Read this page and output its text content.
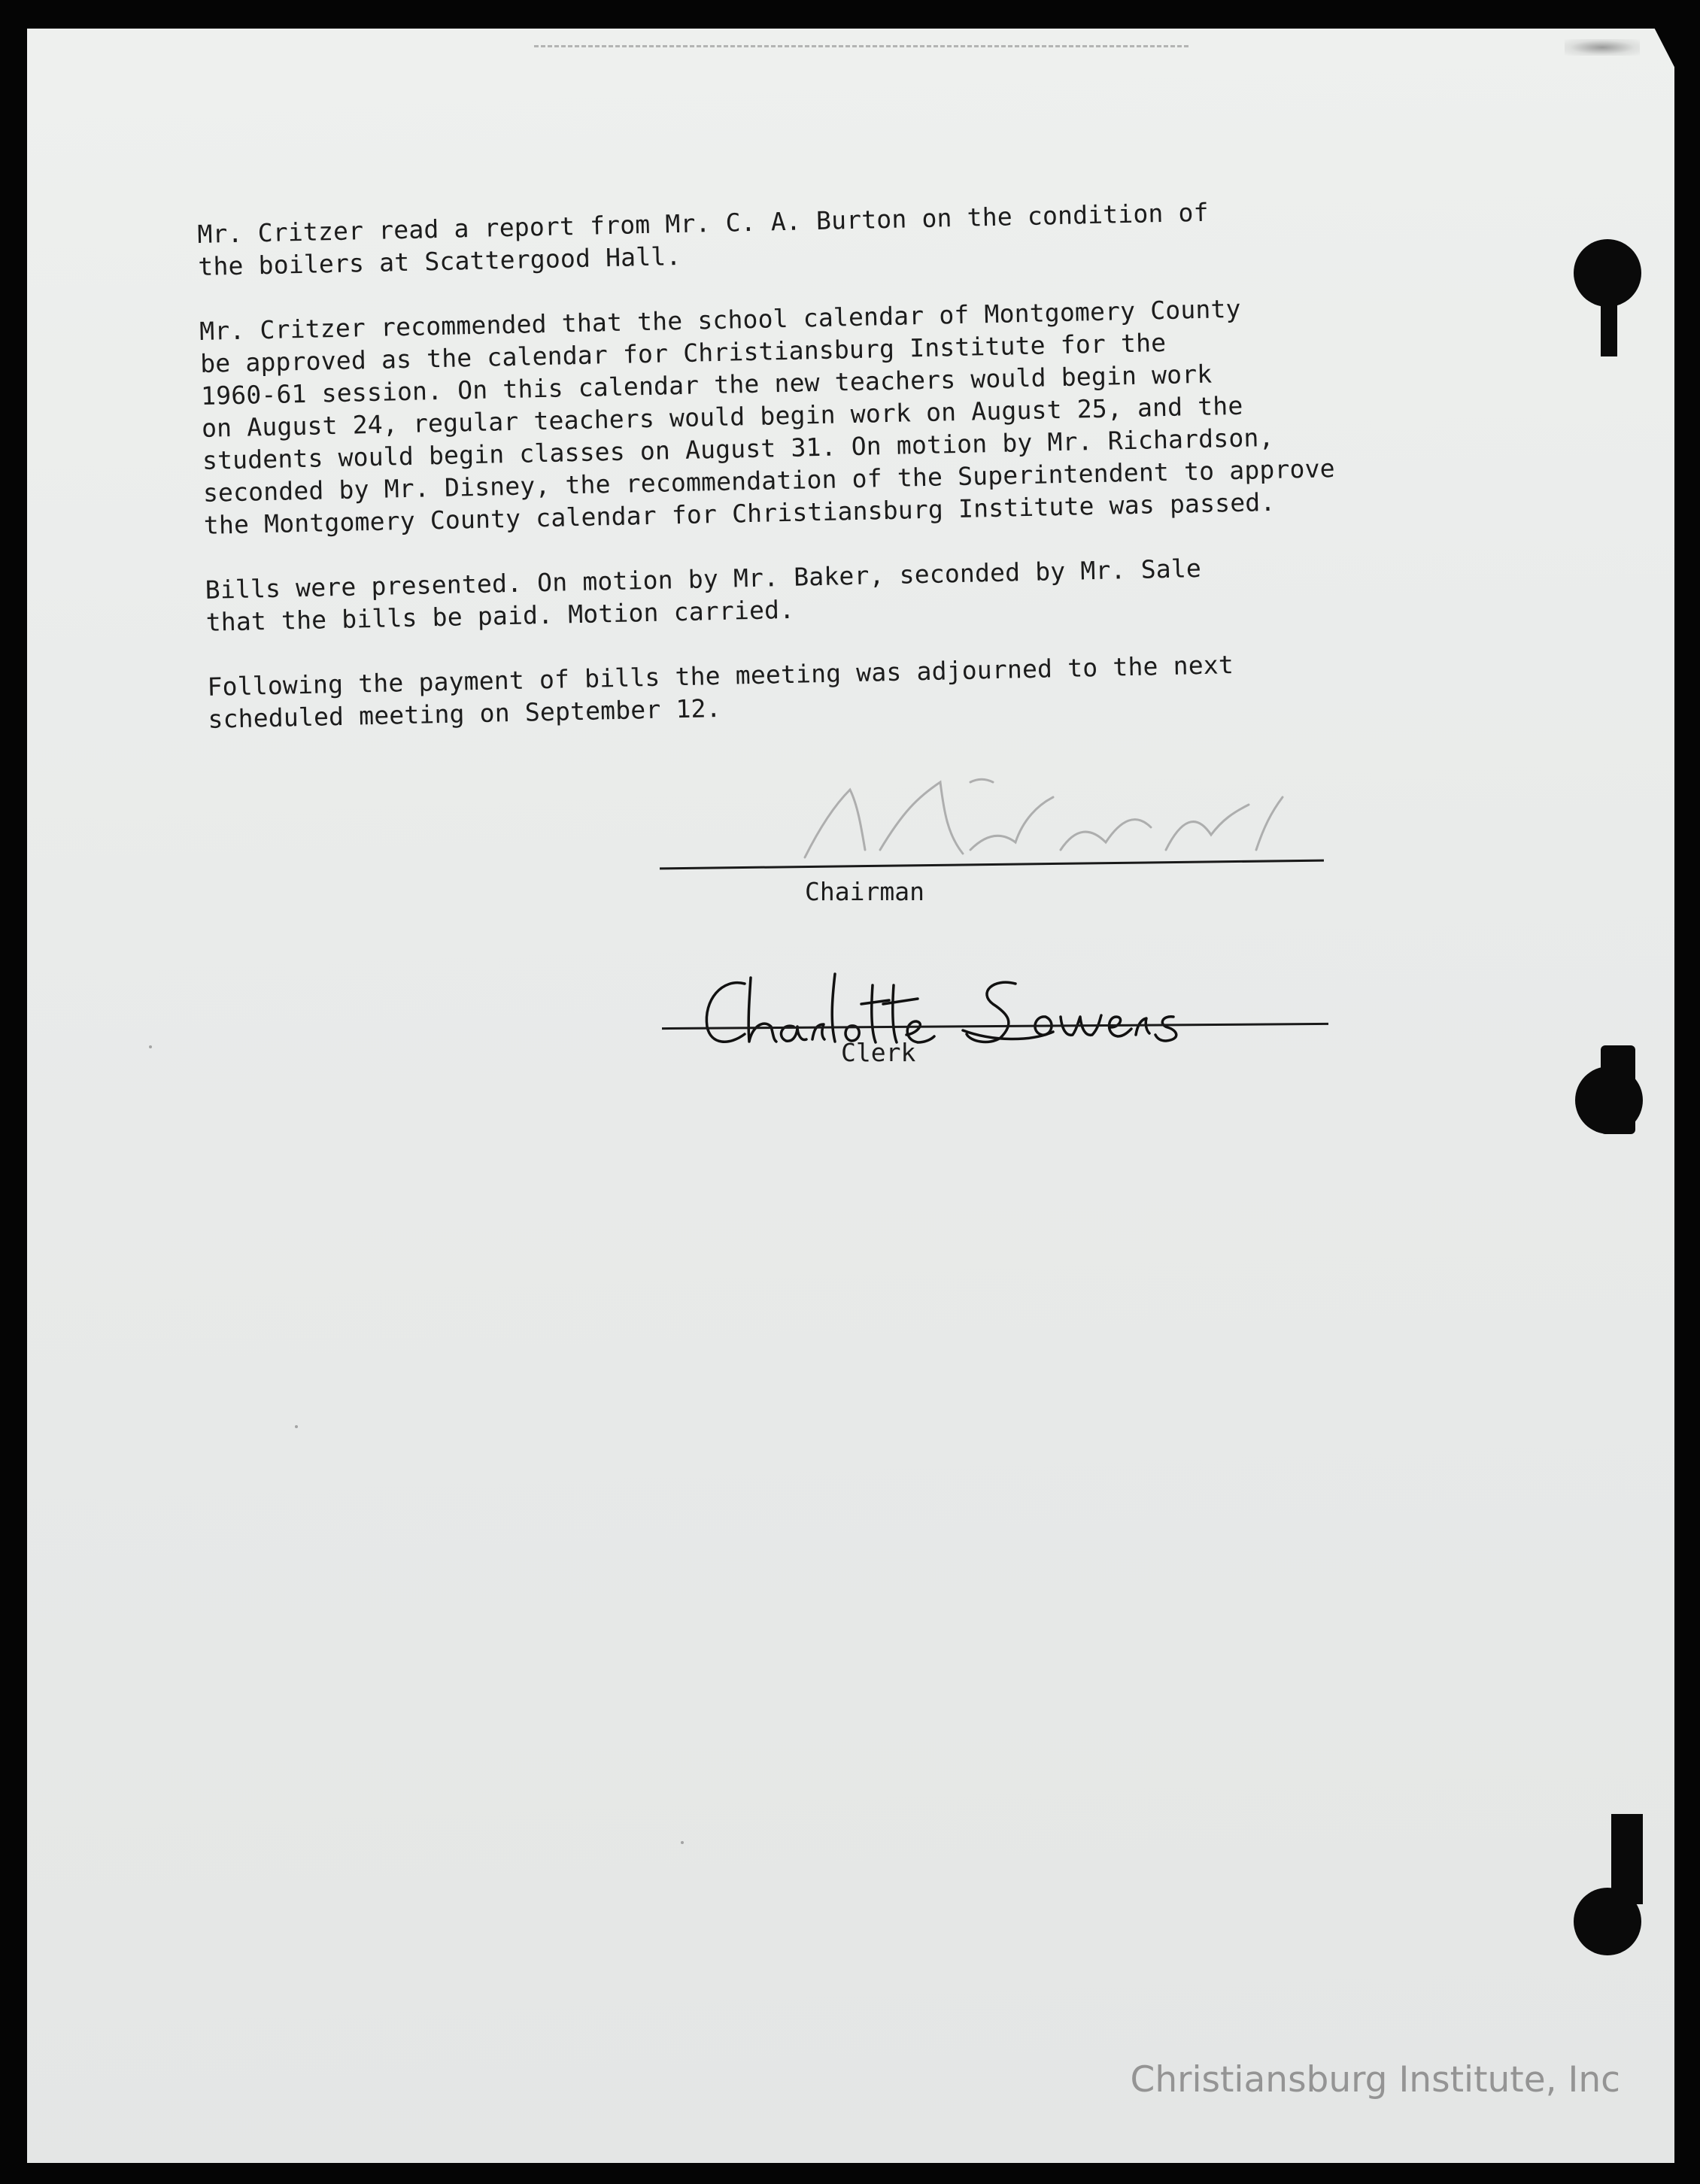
Mr. Critzer read a report from Mr. C. A. Burton on the condition of
the boilers at Scattergood Hall.

Mr. Critzer recommended that the school calendar of Montgomery County
be approved as the calendar for Christiansburg Institute for the
1960-61 session. On this calendar the new teachers would begin work
on August 24, regular teachers would begin work on August 25, and the
students would begin classes on August 31. On motion by Mr. Richardson,
seconded by Mr. Disney, the recommendation of the Superintendent to approve
the Montgomery County calendar for Christiansburg Institute was passed.

Bills were presented. On motion by Mr. Baker, seconded by Mr. Sale
that the bills be paid. Motion carried.

Following the payment of bills the meeting was adjourned to the next
scheduled meeting on September 12.

Chairman
Clerk
Christiansburg Institute, Inc
